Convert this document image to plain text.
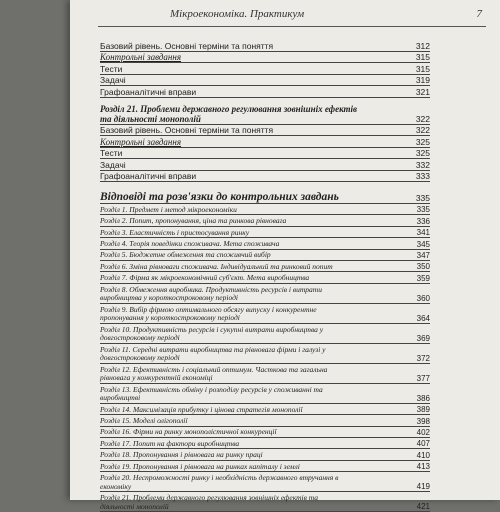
Мікроекономіка. Практикум	7
Базовий рівень. Основні терміни та поняття	312
Контрольні завдання	315
Тести	315
Задачі	319
Графоаналітичні вправи	321
Розділ 21. Проблеми державного регулювання зовнішніх ефектів та діяльності монополій	322
Базовий рівень. Основні терміни та поняття	322
Контрольні завдання	325
Тести	325
Задачі	332
Графоаналітичні вправи	333
Відповіді та розв'язки до контрольних завдань	335
Розділ 1. Предмет і метод мікроекономіки	335
Розділ 2. Попит, пропонування, ціна та ринкова рівновага	336
Розділ 3. Еластичність і пристосування ринку	341
Розділ 4. Теорія поведінки споживача. Мета споживача	345
Розділ 5. Бюджетне обмеження та споживчий вибір	347
Розділ 6. Зміна рівноваги споживача. Індивідуальний та ринковий попит	350
Розділ 7. Фірма як мікроекономічний суб'єкт. Мета виробництва	359
Розділ 8. Обмеження виробника. Продуктивність ресурсів і витрати виробництва у короткостроковому періоді	360
Розділ 9. Вибір фірмою оптимального обсягу випуску і конкурентне пропонування у короткостроковому періоді	364
Розділ 10. Продуктивність ресурсів і сукупні витрати виробництва у довгостроковому періоді	369
Розділ 11. Середні витрати виробництва та рівновага фірми і галузі у довгостроковому періоді	372
Розділ 12. Ефективність і соціальний оптимум. Часткова та загальна рівновага у конкурентній економіці	377
Розділ 13. Ефективність обміну і розподілу ресурсів у споживанні та виробництві	386
Розділ 14. Максимізація прибутку і цінова стратегія монополії	389
Розділ 15. Моделі олігополії	398
Розділ 16. Фірми на ринку монополістичної конкуренції	402
Розділ 17. Попит на фактори виробництва	407
Розділ 18. Пропонування і рівновага на ринку праці	410
Розділ 19. Пропонування і рівновага на ринках капіталу і землі	413
Розділ 20. Неспроможності ринку і необхідність державного втручання в економіку	419
Розділ 21. Проблеми державного регулювання зовнішніх ефектів та діяльності монополій	421
